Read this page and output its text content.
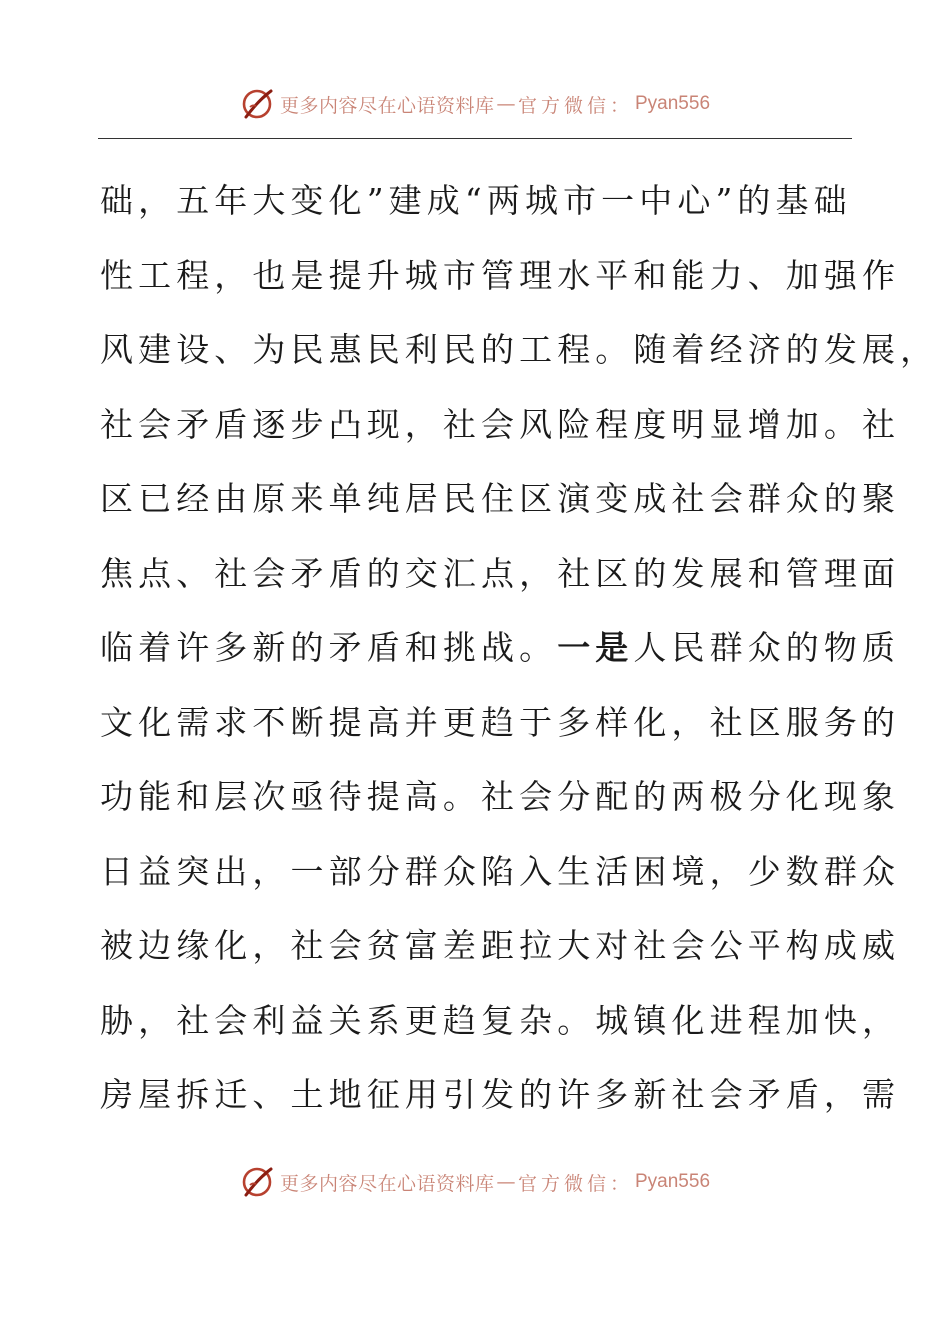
更多内容尽在心语资料库 — 官方微信： Pyan556
础，五年大变化”建成“两城市一中心”的基础
性工程，也是提升城市管理水平和能力、加强作
风建设、为民惠民利民的工程。随着经济的发展，
社会矛盾逐步凸现，社会风险程度明显增加。社
区已经由原来单纯居民住区演变成社会群众的聚
焦点、社会矛盾的交汇点，社区的发展和管理面
临着许多新的矛盾和挑战。一是人民群众的物质
文化需求不断提高并更趋于多样化，社区服务的
功能和层次亟待提高。社会分配的两极分化现象
日益突出，一部分群众陷入生活困境，少数群众
被边缘化，社会贫富差距拉大对社会公平构成威
胁，社会利益关系更趋复杂。城镇化进程加快，
房屋拆迁、土地征用引发的许多新社会矛盾，需
更多内容尽在心语资料库 — 官方微信： Pyan556
